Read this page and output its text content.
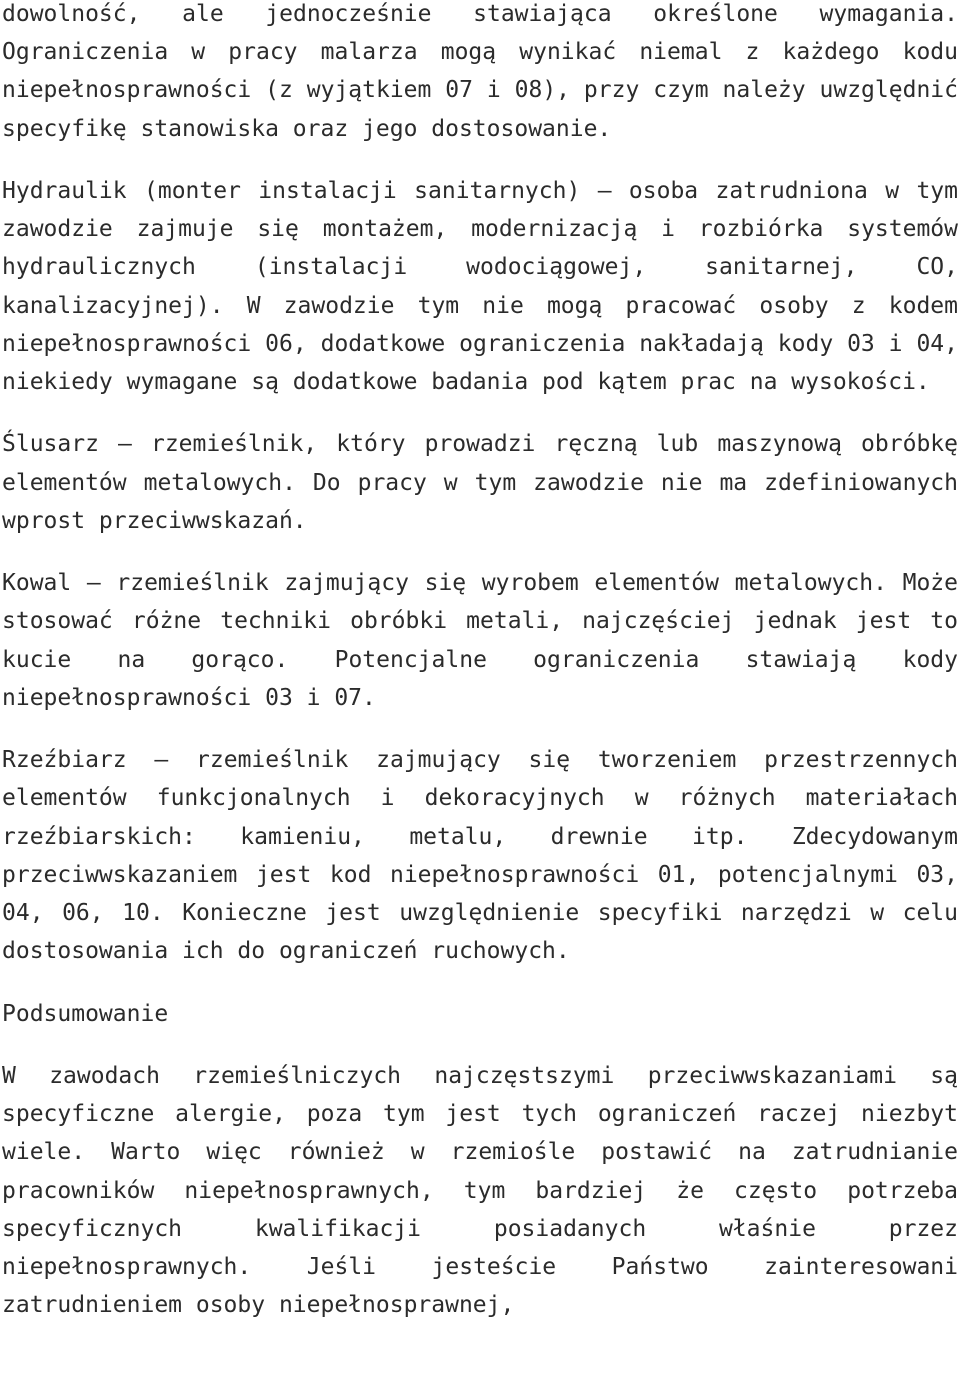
dowolność, ale jednocześnie stawiająca określone wymagania. Ograniczenia w pracy malarza mogą wynikać niemal z każdego kodu niepełnosprawności (z wyjątkiem 07 i 08), przy czym należy uwzględnić specyfikę stanowiska oraz jego dostosowanie.

Hydraulik (monter instalacji sanitarnych) – osoba zatrudniona w tym zawodzie zajmuje się montażem, modernizacją i rozbiórka systemów hydraulicznych (instalacji wodociągowej, sanitarnej, CO, kanalizacyjnej). W zawodzie tym nie mogą pracować osoby z kodem niepełnosprawności 06, dodatkowe ograniczenia nakładają kody 03 i 04, niekiedy wymagane są dodatkowe badania pod kątem prac na wysokości.

Ślusarz – rzemieślnik, który prowadzi ręczną lub maszynową obróbkę elementów metalowych. Do pracy w tym zawodzie nie ma zdefiniowanych wprost przeciwwskazań.

Kowal – rzemieślnik zajmujący się wyrobem elementów metalowych. Może stosować różne techniki obróbki metali, najczęściej jednak jest to kucie na gorąco. Potencjalne ograniczenia stawiają kody niepełnosprawności 03 i 07.

Rzeźbiarz – rzemieślnik zajmujący się tworzeniem przestrzennych elementów funkcjonalnych i dekoracyjnych w różnych materiałach rzeźbiarskich: kamieniu, metalu, drewnie itp. Zdecydowanym przeciwwskazaniem jest kod niepełnosprawności 01, potencjalnymi 03, 04, 06, 10. Konieczne jest uwzględnienie specyfiki narzędzi w celu dostosowania ich do ograniczeń ruchowych.

Podsumowanie

W zawodach rzemieślniczych najczęstszymi przeciwwskazaniami są specyficzne alergie, poza tym jest tych ograniczeń raczej niezbyt wiele. Warto więc również w rzemiośle postawić na zatrudnianie pracowników niepełnosprawnych, tym bardziej że często potrzeba specyficznych kwalifikacji posiadanych właśnie przez niepełnosprawnych. Jeśli jesteście Państwo zainteresowani zatrudnieniem osoby niepełnosprawnej,
